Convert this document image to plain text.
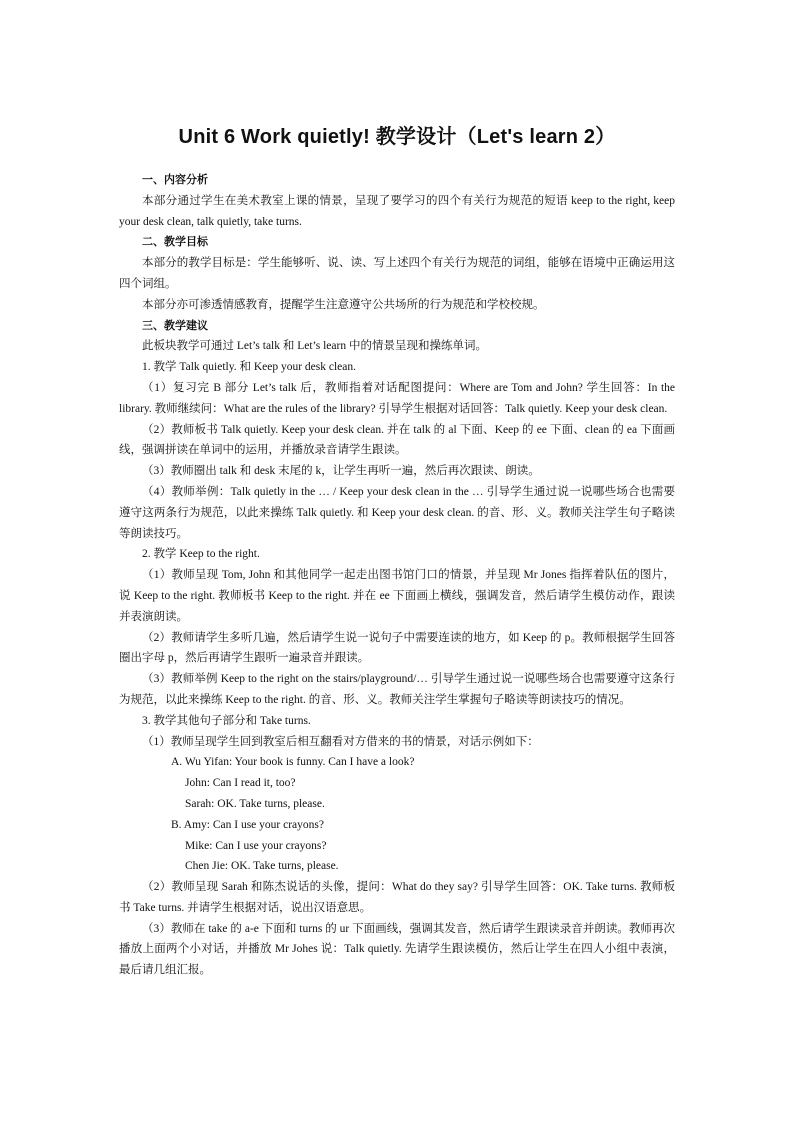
Unit 6 Work quietly! 教学设计（Let's learn 2）

一、内容分析

本部分通过学生在美术教室上课的情景，呈现了要学习的四个有关行为规范的短语 keep to the right, keep your desk clean, talk quietly, take turns.

二、教学目标

本部分的教学目标是：学生能够听、说、读、写上述四个有关行为规范的词组，能够在语境中正确运用这四个词组。

本部分亦可渗透情感教育，提醒学生注意遵守公共场所的行为规范和学校校规。

三、教学建议

此板块教学可通过 Let’s talk 和 Let’s learn 中的情景呈现和操练单词。

1. 教学 Talk quietly. 和 Keep your desk clean.

（1）复习完 B 部分 Let’s talk 后，教师指着对话配图提问：Where are Tom and John? 学生回答：In the library. 教师继续问：What are the rules of the library? 引导学生根据对话回答：Talk quietly. Keep your desk clean.

（2）教师板书 Talk quietly. Keep your desk clean. 并在 talk 的 al 下面、Keep 的 ee 下面、clean 的 ea 下面画线，强调拼读在单词中的运用，并播放录音请学生跟读。

（3）教师圈出 talk 和 desk 末尾的 k，让学生再听一遍，然后再次跟读、朗读。

（4）教师举例：Talk quietly in the … / Keep your desk clean in the … 引导学生通过说一说哪些场合也需要遵守这两条行为规范，以此来操练 Talk quietly. 和 Keep your desk clean. 的音、形、义。教师关注学生句子略读等朗读技巧。

2. 教学 Keep to the right.

（1）教师呈现 Tom, John 和其他同学一起走出图书馆门口的情景，并呈现 Mr Jones 指挥着队伍的图片，说 Keep to the right. 教师板书 Keep to the right. 并在 ee 下面画上横线，强调发音，然后请学生模仿动作，跟读并表演朗读。

（2）教师请学生多听几遍，然后请学生说一说句子中需要连读的地方，如 Keep 的 p。教师根据学生回答圈出字母 p，然后再请学生跟听一遍录音并跟读。

（3）教师举例 Keep to the right on the stairs/playground/… 引导学生通过说一说哪些场合也需要遵守这条行为规范，以此来操练 Keep to the right. 的音、形、义。教师关注学生掌握句子略读等朗读技巧的情况。

3. 教学其他句子部分和 Take turns.

（1）教师呈现学生回到教室后相互翻看对方借来的书的情景，对话示例如下：

A. Wu Yifan: Your book is funny. Can I have a look?

John: Can I read it, too?

Sarah: OK. Take turns, please.

B. Amy: Can I use your crayons?

Mike: Can I use your crayons?

Chen Jie: OK. Take turns, please.

（2）教师呈现 Sarah 和陈杰说话的头像，提问：What do they say? 引导学生回答：OK. Take turns. 教师板书 Take turns. 并请学生根据对话，说出汉语意思。

（3）教师在 take 的 a-e 下面和 turns 的 ur 下面画线，强调其发音，然后请学生跟读录音并朗读。教师再次播放上面两个小对话，并播放 Mr Johes 说：Talk quietly. 先请学生跟读模仿，然后让学生在四人小组中表演，最后请几组汇报。
